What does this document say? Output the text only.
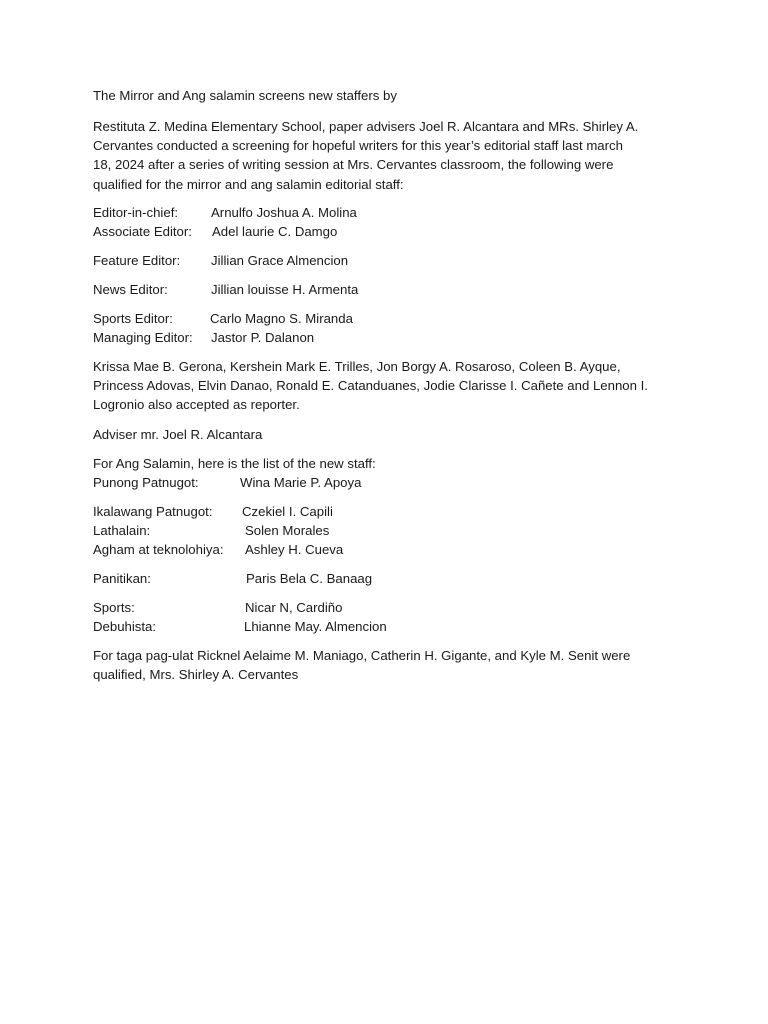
The Mirror and Ang salamin screens new staffers by
Restituta Z. Medina Elementary School, paper advisers Joel R. Alcantara and MRs. Shirley A.
Cervantes conducted a screening for hopeful writers for this year’s editorial staff last march
18, 2024 after a series of writing session at Mrs. Cervantes classroom, the following were
qualified for the mirror and ang salamin editorial staff:
Editor-in-chief: Arnulfo Joshua A. Molina
Associate Editor: Adel laurie C. Damgo
Feature Editor: Jillian Grace Almencion
News Editor:	Jillian louisse H. Armenta
Sports Editor:	Carlo Magno S. Miranda
Managing Editor: Jastor P. Dalanon
Krissa Mae B. Gerona, Kershein Mark E. Trilles, Jon Borgy A. Rosaroso, Coleen B. Ayque,
Princess Adovas, Elvin Danao, Ronald E. Catanduanes, Jodie Clarisse I. Cañete and Lennon I.
Logronio also accepted as reporter.
Adviser mr. Joel R. Alcantara
For Ang Salamin, here is the list of the new staff:
Punong Patnugot:	Wina Marie P. Apoya
Ikalawang Patnugot: Czekiel I. Capili
Lathalain:	Solen Morales
Agham at teknolohiya: Ashley H. Cueva
Panitikan:	Paris Bela C. Banaag
Sports:	Nicar N, Cardiño
Debuhista:	Lhianne May. Almencion
For taga pag-ulat Ricknel Aelaime M. Maniago, Catherin H. Gigante, and Kyle M. Senit were
qualified, Mrs. Shirley A. Cervantes
